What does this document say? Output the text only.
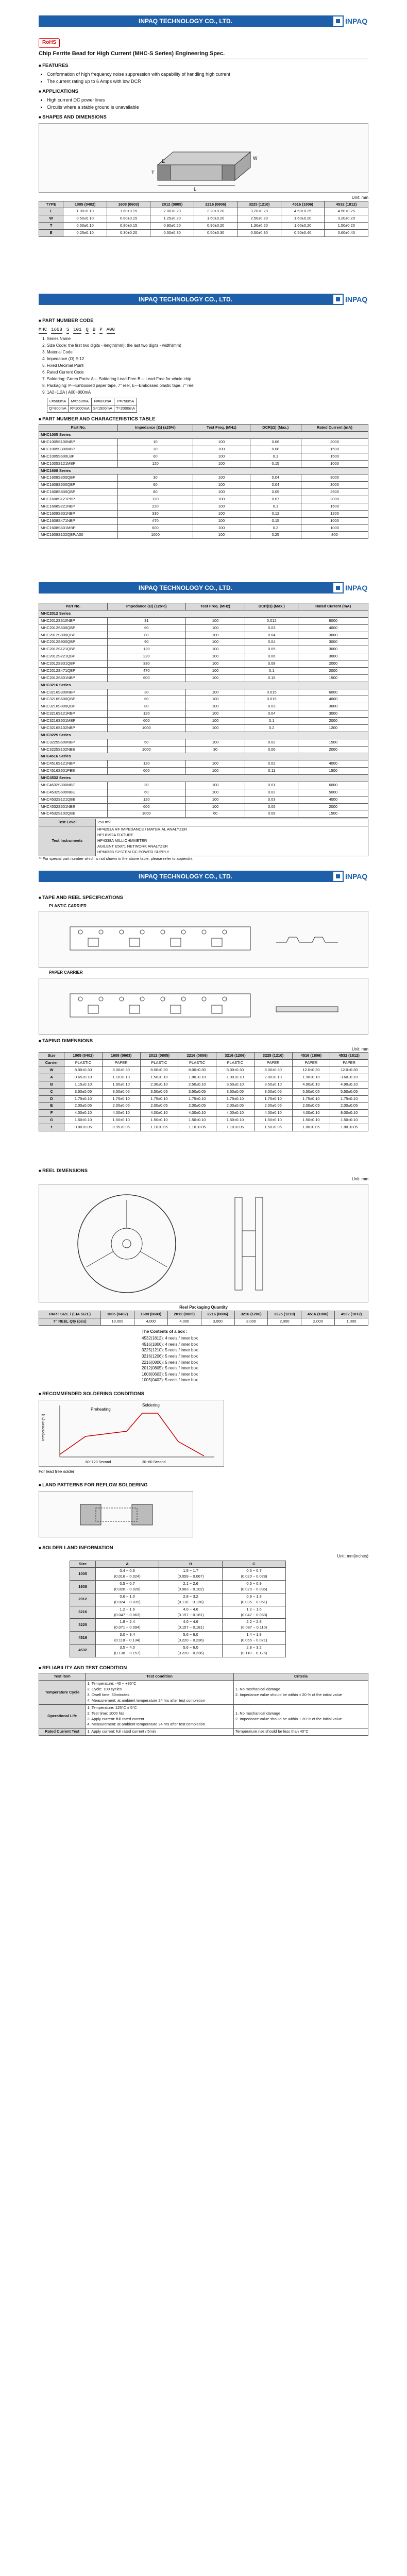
INPAQ TECHNOLOGY CO., LTD.	INPAQ
RoHS
Chip Ferrite Bead for High Current (MHC-S Series) Engineering Spec.
■ FEATURES
• Conformation of high frequency noise suppression with capability of handling high current
• The current rating up to 6 Amps with low DCR
■ APPLICATIONS
• High current DC power lines
• Circuits where a stable ground is unavailable
■ SHAPES AND DIMENSIONS
L
W
T
E
Unit: mm
TYPE	1005 (0402)	1608 (0603)	2012 (0805)	2216 (0806)	3225 (1210)	4516 (1806)	4532 (1812)
L	1.00±0.10	1.60±0.15	2.00±0.20	2.20±0.20	3.20±0.20	4.50±0.25	4.50±0.25
W	0.50±0.10	0.80±0.15	1.25±0.20	1.60±0.20	2.50±0.20	1.60±0.20	3.20±0.20
T	0.50±0.10	0.80±0.15	0.90±0.20	0.90±0.20	1.30±0.20	1.60±0.20	1.50±0.20
E	0.25±0.10	0.30±0.20	0.50±0.30	0.50±0.30	0.50±0.30	0.50±0.40	0.60±0.40
INPAQ TECHNOLOGY CO., LTD.	INPAQ
■ PART NUMBER CODE
MHC 1608 S 101 Q B P A00
1. Series Name
2. Size Code: the first two digits - length(mm); the last two digits - width(mm)
3. Material Code
4. Impedance (Ω) E-12
5. Fixed Decimal Point
6. Rated Current Code
7. Soldering: Green Parts: A--- Soldering Lead-Free B--- Lead-Free for whole chip
8. Packaging: P---Embossed paper tape, 7" reel, E---Embossed plastic tape, 7" reel
9. 1A2~1.2A | A00~800mA
L=500mA	M=550mA	N=600mA	P=750mA
Q=800mA	R=1000mA	S=1500mA	T=2000mA
■ PART NUMBER AND CHARACTERISTICS TABLE
Part No.	Impedance (Ω) (±25%)	Test Freq. (MHz)	DCR(Ω) (Max.)	Rated Current (mA)
MHC1005 Series				
MHC1005S100NBP	10	100	0.06	2000
MHC1005S300NBP	30	100	0.08	1500
MHC1005S600LBP	60	100	0.1	1500
MHC1005S121MBP	120	100	0.15	1000
MHC1608 Series				
MHC1608S300QBP	30	100	0.04	3000
MHC1608S600QBP	60	100	0.04	3000
MHC1608S800QBP	80	100	0.05	2500
MHC1608S121PBP	120	100	0.07	2000
MHC1608S221NBP	220	100	0.1	1500
MHC1608S331NBP	330	100	0.12	1200
MHC1608S471NBP	470	100	0.15	1000
MHC1608S601MBP	600	100	0.2	1000
MHC1608S102QBP/A00	1000	100	0.25	800
INPAQ TECHNOLOGY CO., LTD.	INPAQ
Part No.	Impedance (Ω) (±25%)	Test Freq. (MHz)	DCR(Ω) (Max.)	Rated Current (mA)
MHC2012 Series				
MHC2012S310NBP	31	100	0.012	6000
MHC2012S600QBP	60	100	0.03	4000
MHC2012S800QBP	80	100	0.04	3000
MHC2012S900QBP	90	100	0.04	3000
MHC2012S121QBP	120	100	0.05	3000
MHC2012S221QBP	220	100	0.06	3000
MHC2012S331QBP	330	100	0.08	2000
MHC2012S471QBP	470	100	0.1	2000
MHC2012S601NBP	600	100	0.15	1500
MHC3216 Series				
MHC3216S300NBP	30	100	0.015	6000
MHC3216S600QBP	60	100	0.015	4000
MHC3216S800QBP	80	100	0.03	3000
MHC3216S121RBP	120	100	0.04	3000
MHC3216S601MBP	600	100	0.1	2000
MHC3216S102NBP	1000	100	0.2	1200
MHC3225 Series				
MHC3225S600NBP	60	100	0.02	1500
MHC3225S102NBE	1000	30	0.06	2000
MHC4516 Series				
MHC4516S121NBP	120	100	0.02	4000
MHC4516S601PBE	600	100	0.11	1500
MHC4532 Series				
MHC4532S300NBE	30	100	0.01	6000
MHC4532S600NBE	60	100	0.02	5000
MHC4532S121QBE	120	100	0.03	4000
MHC4532S601NBE	600	100	0.05	2000
MHC4532S102QBE	1000	60	0.09	1500
Test Level	250 mV
Test Instruments	HP4291A RF IMPEDANCE / MATERIAL ANALYZER
HP16192A FIXTURE
HP4338A MILLIOHMMETER
AGILENT E5071 NETWORK ANALYZER
HP6632B SYSTEM DC POWER SUPPLY
** For special part number which is not shown in the above table, please refer to appendix.
INPAQ TECHNOLOGY CO., LTD.	INPAQ
■ TAPE AND REEL SPECIFICATIONS
PLASTIC CARRIER
PAPER CARRIER
■ TAPING DIMENSIONS
Unit: mm
Size	1005 (0402)	1608 (0603)	2012 (0805)	2216 (0806)	3216 (1206)	3225 (1210)	4516 (1806)	4532 (1812)
Carrier	PLASTIC	PAPER	PLASTIC	PLASTIC	PLASTIC	PAPER	PAPER	PAPER
W	8.00±0.30	8.00±0.30	8.00±0.30	8.00±0.30	8.00±0.30	8.00±0.30	12.0±0.30	12.0±0.30
A	0.65±0.10	1.10±0.10	1.50±0.10	1.80±0.10	1.90±0.10	2.80±0.10	1.90±0.10	3.60±0.10
B	1.15±0.10	1.90±0.10	2.30±0.10	2.50±0.10	3.50±0.10	3.50±0.10	4.90±0.10	4.90±0.10
C	3.50±0.05	3.50±0.05	3.50±0.05	3.50±0.05	3.50±0.05	3.50±0.05	5.50±0.05	5.50±0.05
D	1.75±0.10	1.75±0.10	1.75±0.10	1.75±0.10	1.75±0.10	1.75±0.10	1.75±0.10	1.75±0.10
E	2.00±0.05	2.00±0.05	2.00±0.05	2.00±0.05	2.00±0.05	2.00±0.05	2.00±0.05	2.00±0.05
F	4.00±0.10	4.00±0.10	4.00±0.10	4.00±0.10	4.00±0.10	4.00±0.10	4.00±0.10	8.00±0.10
G	1.50±0.10	1.50±0.10	1.50±0.10	1.50±0.10	1.50±0.10	1.50±0.10	1.50±0.10	1.50±0.10
t	0.80±0.05	0.95±0.05	1.10±0.05	1.10±0.05	1.10±0.05	1.50±0.05	1.80±0.05	1.80±0.05
■ REEL DIMENSIONS
Unit: mm
Reel Packaging Quantity
PART SIZE / (EIA SIZE)	1005 (0402)	1608 (0603)	2012 (0805)	2216 (0806)	3216 (1206)	3225 (1210)	4516 (1806)	4532 (1812)
7" REEL Qty (pcs)	10,000	4,000	4,000	3,000	3,000	2,000	2,000	1,000
The Contents of a box :
4532(1812): 4 reels / inner box
4516(1806): 4 reels / inner box
3225(1210): 5 reels / inner box
3216(1206): 5 reels / inner box
2216(0806): 5 reels / inner box
2012(0805): 5 reels / inner box
1608(0603): 5 reels / inner box
1005(0402): 5 reels / inner box
■ RECOMMENDED SOLDERING CONDITIONS
Preheating
Soldering
Temperature (°C)
60~120 Second	30~60 Second
For lead free solder
■ LAND PATTERNS FOR REFLOW SOLDERING
■ SOLDER LAND INFORMATION
Unit: mm(inches)
Size	A	B	C
1005	0.4 ~ 0.6
(0.016 ~ 0.024)	1.5 ~ 1.7
(0.059 ~ 0.067)	0.5 ~ 0.7
(0.020 ~ 0.028)
1608	0.5 ~ 0.7
(0.020 ~ 0.028)	2.1 ~ 2.6
(0.083 ~ 0.102)	0.5 ~ 0.9
(0.020 ~ 0.035)
2012	0.6 ~ 1.0
(0.024 ~ 0.039)	2.8 ~ 3.2
(0.110 ~ 0.126)	0.9 ~ 1.3
(0.035 ~ 0.051)
3216	1.2 ~ 1.6
(0.047 ~ 0.063)	4.0 ~ 4.6
(0.157 ~ 0.181)	1.2 ~ 1.6
(0.047 ~ 0.063)
3225	1.8 ~ 2.4
(0.071 ~ 0.094)	4.0 ~ 4.6
(0.157 ~ 0.181)	2.2 ~ 2.8
(0.087 ~ 0.110)
4516	3.0 ~ 3.4
(0.118 ~ 0.134)	5.6 ~ 6.0
(0.220 ~ 0.236)	1.4 ~ 1.8
(0.055 ~ 0.071)
4532	3.5 ~ 4.0
(0.138 ~ 0.157)	5.6 ~ 6.0
(0.220 ~ 0.236)	2.8 ~ 3.2
(0.110 ~ 0.126)
■ RELIABILITY AND TEST CONDITION
Test item	Test condition	Criteria
Temperature Cycle	1. Temperature: -40 ~ +85°C
2. Cycle: 100 cycles
3. Dwell time: 30minutes
4. Measurement: at ambient temperature 24 hrs after test completion	1. No mechanical damage
2. Impedance value should be within ± 20 % of the initial value
Operational Life	1. Temperature: 125°C ± 5°C
2. Test time: 1000 hrs
3. Apply current: full rated current
4. Measurement: at ambient temperature 24 hrs after test completion	1. No mechanical damage
2. Impedance value should be within ± 20 % of the initial value
Rated Current Test	1. Apply current: full rated current / 5min	Temperature rise should be less than 40°C
